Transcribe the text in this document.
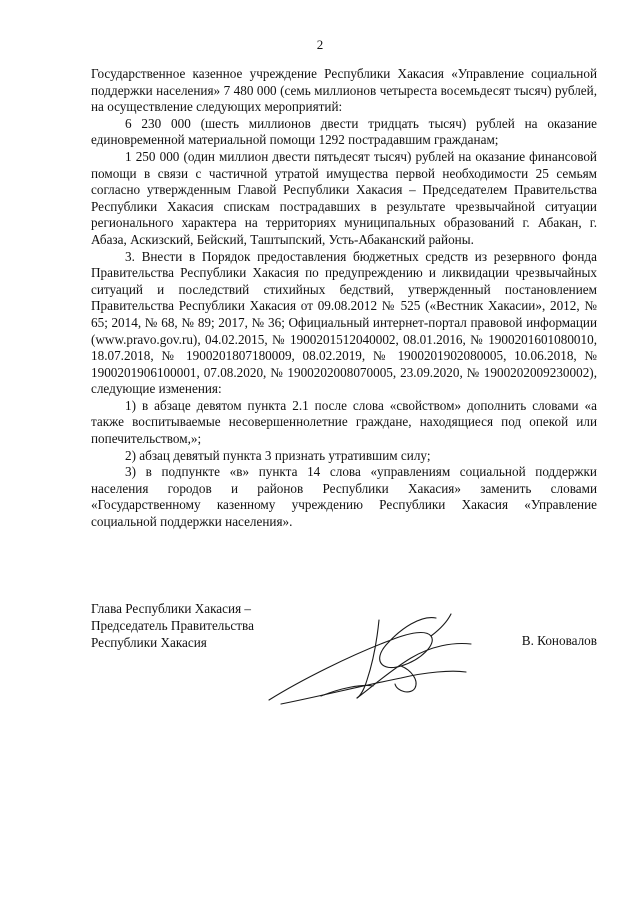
2

Государственное казенное учреждение Республики Хакасия «Управление социальной поддержки населения» 7 480 000 (семь миллионов четыреста восемьдесят тысяч) рублей, на осуществление следующих мероприятий:

6 230 000 (шесть миллионов двести тридцать тысяч) рублей на оказание единовременной материальной помощи 1292 пострадавшим гражданам;

1 250 000 (один миллион двести пятьдесят тысяч) рублей на оказание финансовой помощи в связи с частичной утратой имущества первой необходимости 25 семьям согласно утвержденным Главой Республики Хакасия – Председателем Правительства Республики Хакасия спискам пострадавших в результате чрезвычайной ситуации регионального характера на территориях муниципальных образований г. Абакан, г. Абаза, Аскизский, Бейский, Таштыпский, Усть-Абаканский районы.

3. Внести в Порядок предоставления бюджетных средств из резервного фонда Правительства Республики Хакасия по предупреждению и ликвидации чрезвычайных ситуаций и последствий стихийных бедствий, утвержденный постановлением Правительства Республики Хакасия от 09.08.2012 № 525 («Вестник Хакасии», 2012, № 65; 2014, № 68, № 89; 2017, № 36; Официальный интернет-портал правовой информации (www.pravo.gov.ru), 04.02.2015, № 1900201512040002, 08.01.2016, № 1900201601080010, 18.07.2018, № 1900201807180009, 08.02.2019, № 1900201902080005, 10.06.2018, № 1900201906100001, 07.08.2020, № 1900202008070005, 23.09.2020, № 1900202009230002), следующие изменения:

1) в абзаце девятом пункта 2.1 после слова «свойством» дополнить словами «а также воспитываемые несовершеннолетние граждане, находящиеся под опекой или попечительством,»;

2) абзац девятый пункта 3 признать утратившим силу;

3) в подпункте «в» пункта 14 слова «управлениям социальной поддержки населения городов и районов Республики Хакасия» заменить словами «Государственному казенному учреждению Республики Хакасия «Управление социальной поддержки населения».

Глава Республики Хакасия –
Председатель Правительства
Республики Хакасия	В. Коновалов
